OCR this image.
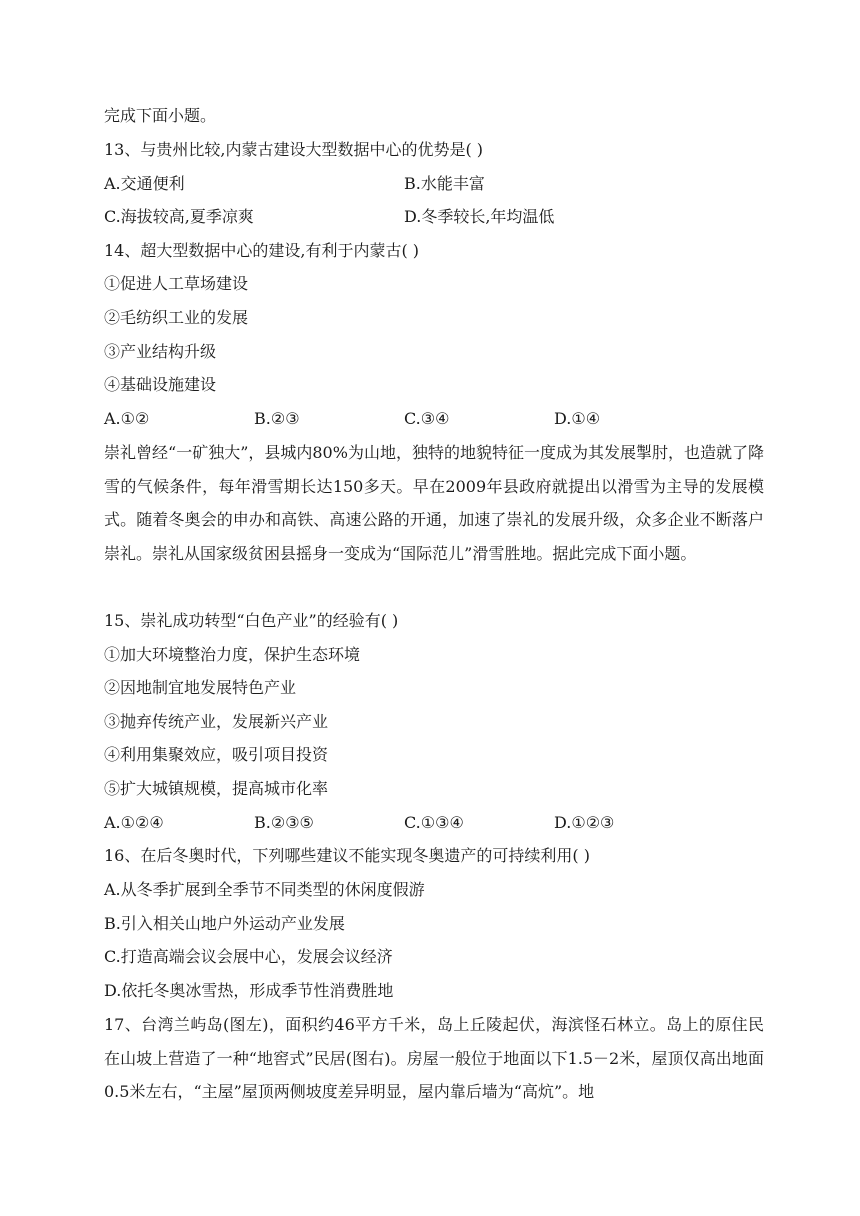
完成下面小题。
13、与贵州比较,内蒙古建设大型数据中心的优势是( )
A.交通便利	B.水能丰富
C.海拔较高,夏季凉爽	D.冬季较长,年均温低
14、超大型数据中心的建设,有利于内蒙古( )
①促进人工草场建设
②毛纺织工业的发展
③产业结构升级
④基础设施建设
A.①②	B.②③	C.③④	D.①④
崇礼曾经“一矿独大”，县城内80%为山地，独特的地貌特征一度成为其发展掣肘，也造就了降雪的气候条件，每年滑雪期长达150多天。早在2009年县政府就提出以滑雪为主导的发展模式。随着冬奥会的申办和高铁、高速公路的开通，加速了崇礼的发展升级，众多企业不断落户崇礼。崇礼从国家级贫困县摇身一变成为“国际范儿”滑雪胜地。据此完成下面小题。
15、崇礼成功转型“白色产业”的经验有( )
①加大环境整治力度，保护生态环境
②因地制宜地发展特色产业
③抛弃传统产业，发展新兴产业
④利用集聚效应，吸引项目投资
⑤扩大城镇规模，提高城市化率
A.①②④	B.②③⑤	C.①③④	D.①②③
16、在后冬奥时代，下列哪些建议不能实现冬奥遗产的可持续利用( )
A.从冬季扩展到全季节不同类型的休闲度假游
B.引入相关山地户外运动产业发展
C.打造高端会议会展中心，发展会议经济
D.依托冬奥冰雪热，形成季节性消费胜地
17、台湾兰屿岛(图左)，面积约46平方千米，岛上丘陵起伏，海滨怪石林立。岛上的原住民在山坡上营造了一种“地窖式”民居(图右)。房屋一般位于地面以下1.5－2米，屋顶仅高出地面0.5米左右，“主屋”屋顶两侧坡度差异明显，屋内靠后墙为“高炕”。地
